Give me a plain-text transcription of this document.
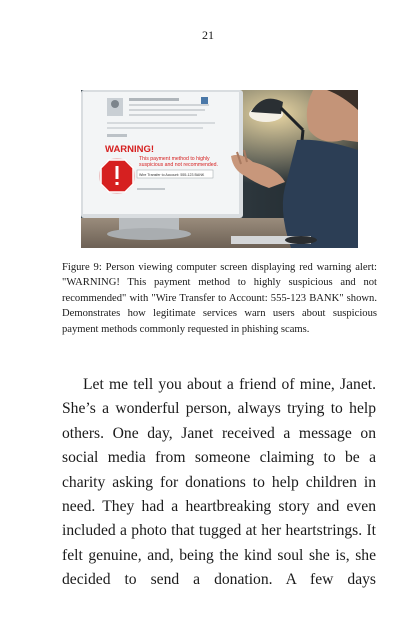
21
WARNING!
This payment method to highly
suspicious and not recommended.
Wire Transfer to Account: 555-123 BANK
Figure 9: Person viewing computer screen displaying red warning alert: "WARNING! This payment method to highly suspicious and not recommended" with "Wire Transfer to Account: 555-123 BANK" shown. Demonstrates how legitimate services warn users about suspicious payment methods commonly requested in phishing scams.

Let me tell you about a friend of mine, Janet. She’s a wonderful person, always trying to help others. One day, Janet received a message on social media from someone claiming to be a charity asking for donations to help children in need. They had a heartbreaking story and even included a photo that tugged at her heartstrings. It felt genuine, and, being the kind soul she is, she decided to send a donation. A few days
